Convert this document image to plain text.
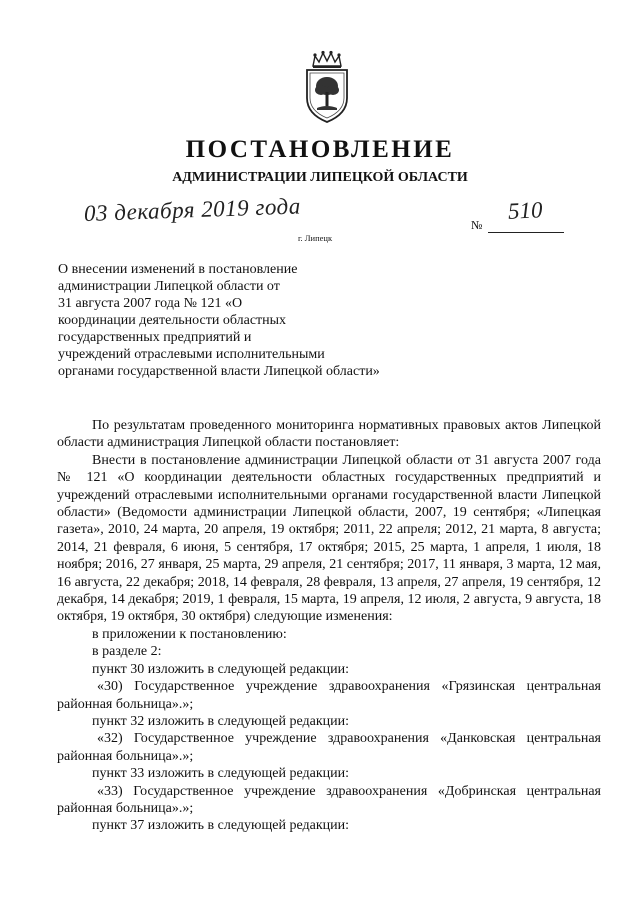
ПОСТАНОВЛЕНИЕ
АДМИНИСТРАЦИИ ЛИПЕЦКОЙ ОБЛАСТИ
03 декабря 2019 года
г. Липецк
№
510
О внесении изменений в постановление
администрации Липецкой области от
31 августа 2007 года № 121 «О
координации деятельности областных
государственных предприятий и
учреждений отраслевыми исполнительными
органами государственной власти Липецкой области»

По результатам проведенного мониторинга нормативных правовых актов Липецкой области администрация Липецкой области постановляет:

Внести в постановление администрации Липецкой области от 31 августа 2007 года № 121 «О координации деятельности областных государственных предприятий и учреждений отраслевыми исполнительными органами государственной власти Липецкой области» (Ведомости администрации Липецкой области, 2007, 19 сентября; «Липецкая газета», 2010, 24 марта, 20 апреля, 19 октября; 2011, 22 апреля; 2012, 21 марта, 8 августа; 2014, 21 февраля, 6 июня, 5 сентября, 17 октября; 2015, 25 марта, 1 апреля, 1 июля, 18 ноября; 2016, 27 января, 25 марта, 29 апреля, 21 сентября; 2017, 11 января, 3 марта, 12 мая, 16 августа, 22 декабря; 2018, 14 февраля, 28 февраля, 13 апреля, 27 апреля, 19 сентября, 12 декабря, 14 декабря; 2019, 1 февраля, 15 марта, 19 апреля, 12 июля, 2 августа, 9 августа, 18 октября, 19 октября, 30 октября) следующие изменения:

в приложении к постановлению:

в разделе 2:

пункт 30 изложить в следующей редакции:

«30) Государственное учреждение здравоохранения «Грязинская центральная районная больница».»;

пункт 32 изложить в следующей редакции:

«32) Государственное учреждение здравоохранения «Данковская центральная районная больница».»;

пункт 33 изложить в следующей редакции:

«33) Государственное учреждение здравоохранения «Добринская центральная районная больница».»;

пункт 37 изложить в следующей редакции:
